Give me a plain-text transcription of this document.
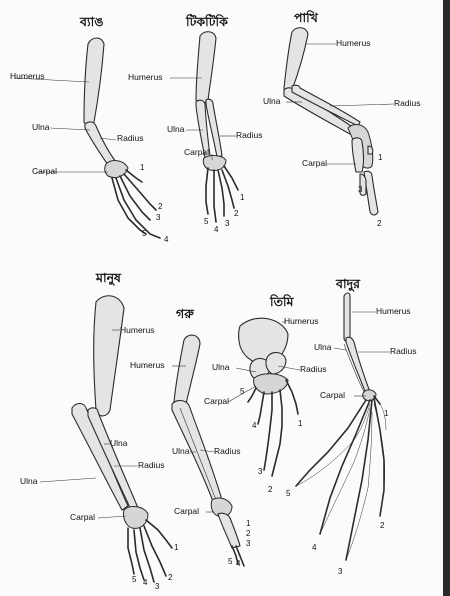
ব্যাঙ
Humerus
Ulna
Radius
Carpal	1
2
3
4
5
টিকটিকি
Humerus
Ulna
Radius
Carpal
1
2
3
4
5
পাখি
Humerus
Ulna	Radius
Carpal
1
3
2
মানুষ
Humerus
Ulna
Radius
Ulna
Carpal
1
2
3
4
5
গরু
Humerus
Ulna	Radius
Carpal
1
2
3
4
5
তিমি
Humerus
Ulna	Radius
Carpal
5
4	1
3
2
বাদুর
Humerus
Ulna	Radius
Carpal
1
5
2
4
3
